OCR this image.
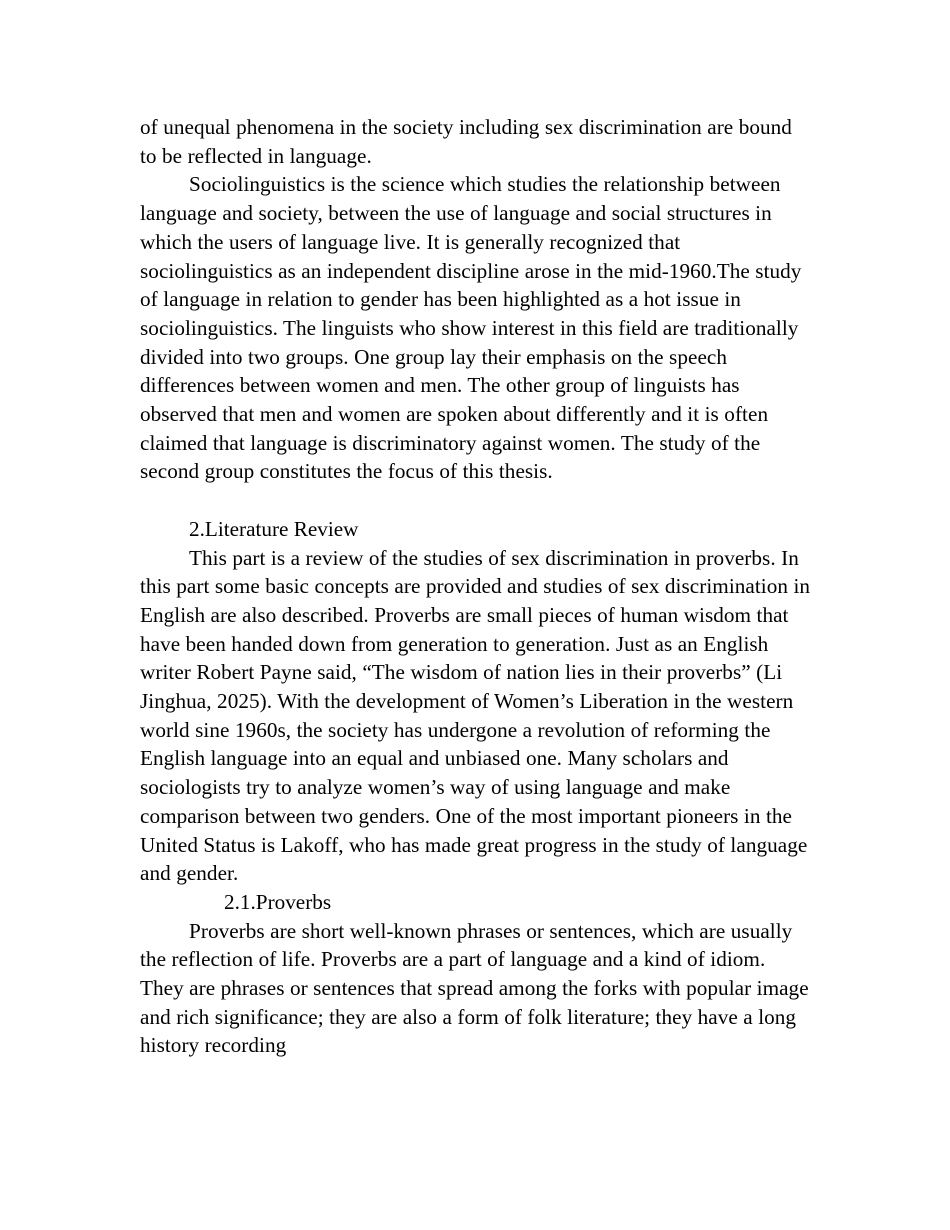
of unequal phenomena in the society including sex discrimination are bound to be reflected in language.

Sociolinguistics is the science which studies the relationship between language and society, between the use of language and social structures in which the users of language live. It is generally recognized that sociolinguistics as an independent discipline arose in the mid-1960.The study of language in relation to gender has been highlighted as a hot issue in sociolinguistics. The linguists who show interest in this field are traditionally divided into two groups. One group lay their emphasis on the speech differences between women and men. The other group of linguists has observed that men and women are spoken about differently and it is often claimed that language is discriminatory against women. The study of the second group constitutes the focus of this thesis.

2.Literature Review

This part is a review of the studies of sex discrimination in proverbs. In this part some basic concepts are provided and studies of sex discrimination in English are also described. Proverbs are small pieces of human wisdom that have been handed down from generation to generation. Just as an English writer Robert Payne said, “The wisdom of nation lies in their proverbs” (Li Jinghua, 2025). With the development of Women’s Liberation in the western world sine 1960s, the society has undergone a revolution of reforming the English language into an equal and unbiased one. Many scholars and sociologists try to analyze women’s way of using language and make comparison between two genders. One of the most important pioneers in the United Status is Lakoff, who has made great progress in the study of language and gender.

2.1.Proverbs

Proverbs are short well-known phrases or sentences, which are usually the reflection of life. Proverbs are a part of language and a kind of idiom. They are phrases or sentences that spread among the forks with popular image and rich significance; they are also a form of folk literature; they have a long history recording
